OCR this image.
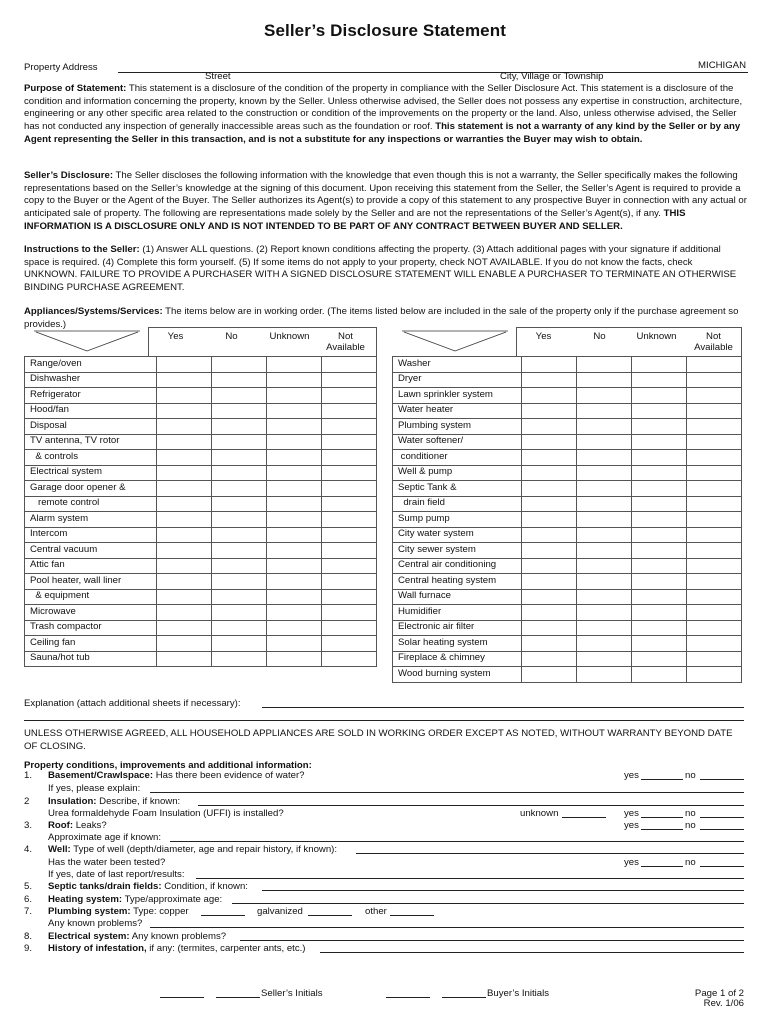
Seller’s Disclosure Statement
Property Address	MICHIGAN
Street	City, Village or Township
Purpose of Statement: This statement is a disclosure of the condition of the property in compliance with the Seller Disclosure Act. This statement is a disclosure of the condition and information concerning the property, known by the Seller. Unless otherwise advised, the Seller does not possess any expertise in construction, architecture, engineering or any other specific area related to the construction or condition of the improvements on the property or the land. Also, unless otherwise advised, the Seller has not conducted any inspection of generally inaccessible areas such as the foundation or roof. This statement is not a warranty of any kind by the Seller or by any Agent representing the Seller in this transaction, and is not a substitute for any inspections or warranties the Buyer may wish to obtain.
Seller’s Disclosure: The Seller discloses the following information with the knowledge that even though this is not a warranty, the Seller specifically makes the following representations based on the Seller’s knowledge at the signing of this document. Upon receiving this statement from the Seller, the Seller’s Agent is required to provide a copy to the Buyer or the Agent of the Buyer. The Seller authorizes its Agent(s) to provide a copy of this statement to any prospective Buyer in connection with any actual or anticipated sale of property. The following are representations made solely by the Seller and are not the representations of the Seller’s Agent(s), if any. THIS INFORMATION IS A DISCLOSURE ONLY AND IS NOT INTENDED TO BE PART OF ANY CONTRACT BETWEEN BUYER AND SELLER.
Instructions to the Seller: (1) Answer ALL questions. (2) Report known conditions affecting the property. (3) Attach additional pages with your signature if additional space is required. (4) Complete this form yourself. (5) If some items do not apply to your property, check NOT AVAILABLE. If you do not know the facts, check UNKNOWN. FAILURE TO PROVIDE A PURCHASER WITH A SIGNED DISCLOSURE STATEMENT WILL ENABLE A PURCHASER TO TERMINATE AN OTHERWISE BINDING PURCHASE AGREEMENT.
Appliances/Systems/Services: The items below are in working order. (The items listed below are included in the sale of the property only if the purchase agreement so provides.)
Yes	No	Unknown	Not Available
Yes	No	Unknown	Not Available
Range/oven				
Dishwasher				
Refrigerator				
Hood/fan				
Disposal				
TV antenna, TV rotor				
& controls				
Electrical system				
Garage door opener &				
remote control				
Alarm system				
Intercom				
Central vacuum				
Attic fan				
Pool heater, wall liner				
& equipment				
Microwave				
Trash compactor				
Ceiling fan				
Sauna/hot tub				
Washer				
Dryer				
Lawn sprinkler system				
Water heater				
Plumbing system				
Water softener/				
conditioner				
Well & pump				
Septic Tank &				
drain field				
Sump pump				
City water system				
City sewer system				
Central air conditioning				
Central heating system				
Wall furnace				
Humidifier				
Electronic air filter				
Solar heating system				
Fireplace & chimney				
Wood burning system				
Explanation (attach additional sheets if necessary):
UNLESS OTHERWISE AGREED, ALL HOUSEHOLD APPLIANCES ARE SOLD IN WORKING ORDER EXCEPT AS NOTED, WITHOUT WARRANTY BEYOND DATE OF CLOSING.
Property conditions, improvements and additional information:
1. Basement/Crawlspace: Has there been evidence of water?	yes	no
If yes, please explain:
2 Insulation: Describe, if known:
Urea formaldehyde Foam Insulation (UFFI) is installed?	unknown	yes	no
3. Roof: Leaks?	yes	no
Approximate age if known:
4. Well: Type of well (depth/diameter, age and repair history, if known):
Has the water been tested?	yes	no
If yes, date of last report/results:
5. Septic tanks/drain fields: Condition, if known:
6. Heating system: Type/approximate age:
7. Plumbing system: Type: copper	galvanized	other
Any known problems?
8. Electrical system: Any known problems?
9. History of infestation, if any: (termites, carpenter ants, etc.)
Seller’s Initials	Buyer’s Initials	Page 1 of 2
Rev. 1/06
